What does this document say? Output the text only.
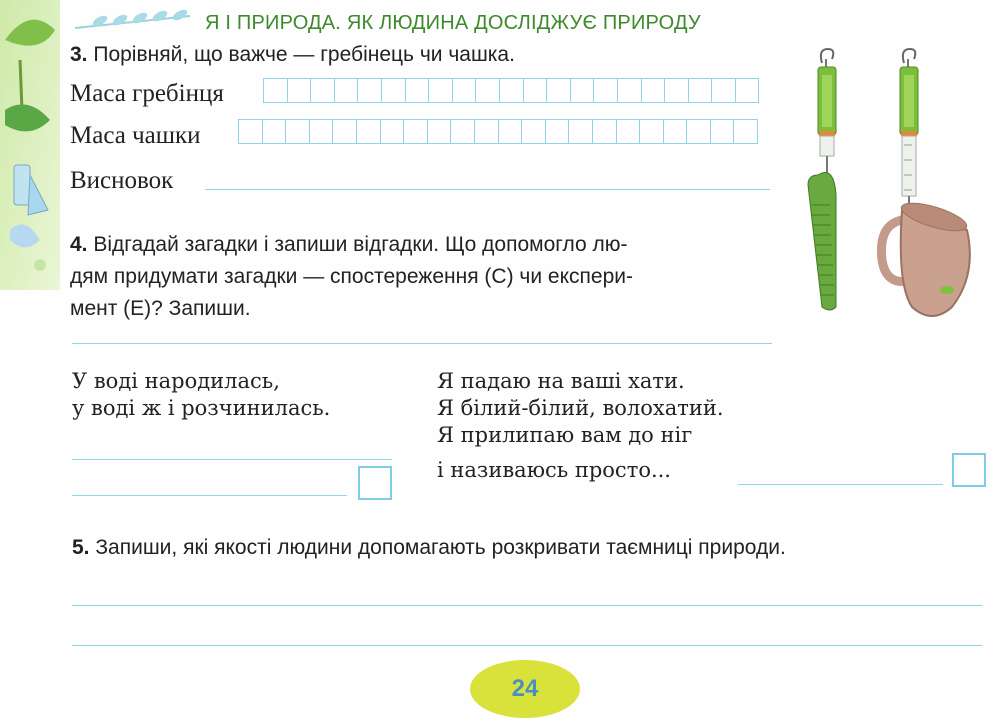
Я І ПРИРОДА. ЯК ЛЮДИНА ДОСЛІДЖУЄ ПРИРОДУ
3. Порівняй, що важче — гребінець чи чашка.
Маса гребінця
Маса чашки
Висновок
4. Відгадай загадки і запиши відгадки. Що допомогло лю-
дям придумати загадки — спостереження (С) чи експери-
мент (Е)? Запиши.
У воді народилась,
у воді ж і розчинилась.
Я падаю на ваші хати.
Я білий-білий, волохатий.
Я прилипаю вам до ніг
і називаюсь просто...
5. Запиши, які якості людини допомагають розкривати таємниці природи.
24
